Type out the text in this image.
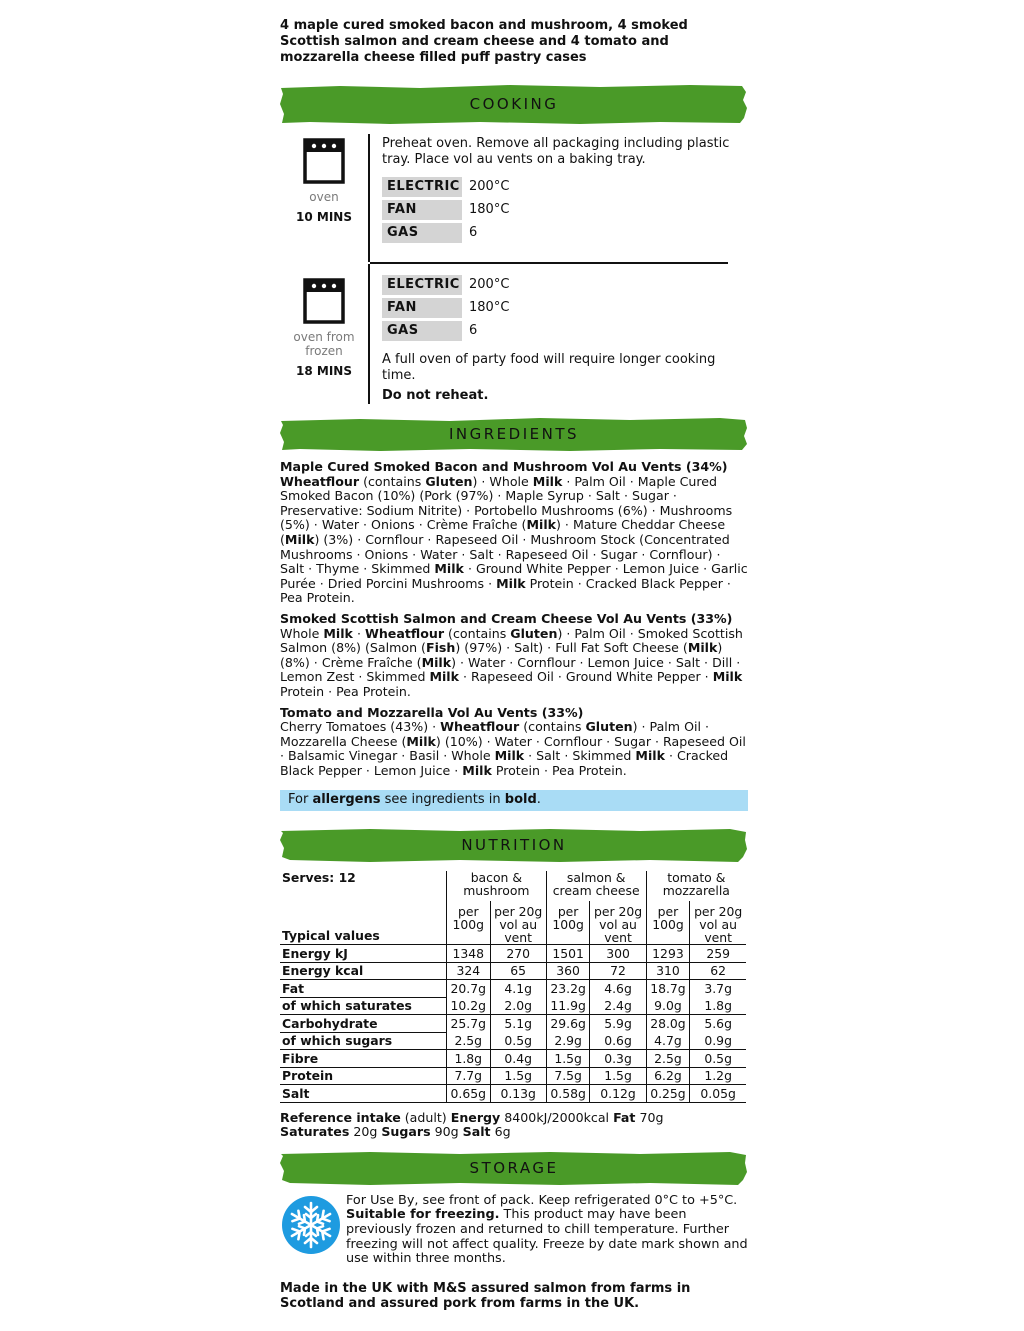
4 maple cured smoked bacon and mushroom, 4 smoked Scottish salmon and cream cheese and 4 tomato and mozzarella cheese filled puff pastry cases

COOKING
oven
10 MINS

Preheat oven. Remove all packaging including plastic tray. Place vol au vents on a baking tray.

ELECTRIC	200°C
FAN	180°C
GAS	6
oven from frozen
18 MINS
ELECTRIC	200°C
FAN	180°C
GAS	6

A full oven of party food will require longer cooking time.

Do not reheat.

INGREDIENTS
Maple Cured Smoked Bacon and Mushroom Vol Au Vents (34%)
Wheatflour (contains Gluten) · Whole Milk · Palm Oil · Maple Cured Smoked Bacon (10%) (Pork (97%) · Maple Syrup · Salt · Sugar · Preservative: Sodium Nitrite) · Portobello Mushrooms (6%) · Mushrooms (5%) · Water · Onions · Crème Fraîche (Milk) · Mature Cheddar Cheese (Milk) (3%) · Cornflour · Rapeseed Oil · Mushroom Stock (Concentrated Mushrooms · Onions · Water · Salt · Rapeseed Oil · Sugar · Cornflour) · Salt · Thyme · Skimmed Milk · Ground White Pepper · Lemon Juice · Garlic Purée · Dried Porcini Mushrooms · Milk Protein · Cracked Black Pepper · Pea Protein.
Smoked Scottish Salmon and Cream Cheese Vol Au Vents (33%)
Whole Milk · Wheatflour (contains Gluten) · Palm Oil · Smoked Scottish Salmon (8%) (Salmon (Fish) (97%) · Salt) · Full Fat Soft Cheese (Milk) (8%) · Crème Fraîche (Milk) · Water · Cornflour · Lemon Juice · Salt · Dill · Lemon Zest · Skimmed Milk · Rapeseed Oil · Ground White Pepper · Milk Protein · Pea Protein.
Tomato and Mozzarella Vol Au Vents (33%)
Cherry Tomatoes (43%) · Wheatflour (contains Gluten) · Palm Oil · Mozzarella Cheese (Milk) (10%) · Water · Cornflour · Sugar · Rapeseed Oil · Balsamic Vinegar · Basil · Whole Milk · Salt · Skimmed Milk · Cracked Black Pepper · Lemon Juice · Milk Protein · Pea Protein.
For allergens see ingredients in bold.
NUTRITION
Serves: 12	bacon & mushroom		salmon & cream cheese		tomato & mozzarella	
Typical values	per 100g	per 20g vol au vent	per 100g	per 20g vol au vent	per 100g	per 20g vol au vent
Energy kJ	1348	270	1501	300	1293	259
Energy kcal	324	65	360	72	310	62
Fat	20.7g	4.1g	23.2g	4.6g	18.7g	3.7g
of which saturates	10.2g	2.0g	11.9g	2.4g	9.0g	1.8g
Carbohydrate	25.7g	5.1g	29.6g	5.9g	28.0g	5.6g
of which sugars	2.5g	0.5g	2.9g	0.6g	4.7g	0.9g
Fibre	1.8g	0.4g	1.5g	0.3g	2.5g	0.5g
Protein	7.7g	1.5g	7.5g	1.5g	6.2g	1.2g
Salt	0.65g	0.13g	0.58g	0.12g	0.25g	0.05g

Reference intake (adult) Energy 8400kJ/2000kcal Fat 70g
Saturates 20g Sugars 90g Salt 6g

STORAGE

For Use By, see front of pack. Keep refrigerated 0°C to +5°C. Suitable for freezing. This product may have been previously frozen and returned to chill temperature. Further freezing will not affect quality. Freeze by date mark shown and use within three months.

Made in the UK with M&S assured salmon from farms in Scotland and assured pork from farms in the UK.
